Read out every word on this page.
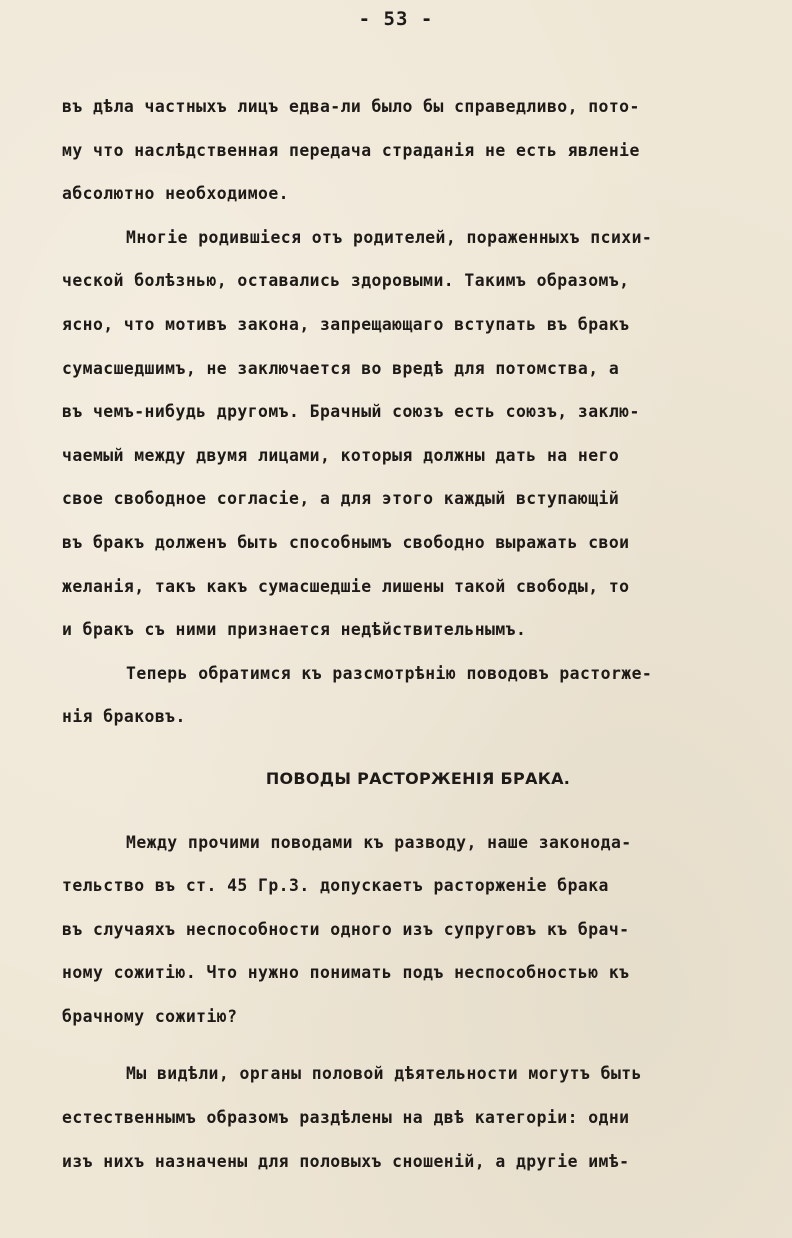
- 53 -
въ дѣла частныхъ лицъ едва-ли было бы справедливо, пото-
му что наслѣдственная передача страданія не есть явленіе
абсолютно необходимое.
Многіе родившіеся отъ родителей, пораженныхъ психи-
ческой болѣзнью, оставались здоровыми. Такимъ образомъ,
ясно, что мотивъ закона, запрещающаго вступать въ бракъ
сумасшедшимъ, не заключается во вредѣ для потомства, а
въ чемъ-нибудь другомъ. Брачный союзъ есть союзъ, заклю-
чаемый между двумя лицами, которыя должны дать на него
свое свободное согласіе, а для этого каждый вступающій
въ бракъ долженъ быть способнымъ свободно выражать свои
желанія, такъ какъ сумасшедшіе лишены такой свободы, то
и бракъ съ ними признается недѣйствительнымъ.
Теперь обратимся къ разсмотрѣнію поводовъ растorже-
нія браковъ.
ПОВОДЫ РАСТОРЖЕНІЯ БРАКА.
Между прочими поводами къ разводу, наше законода-
тельство въ ст. 45 Гр.З. допускаетъ расторженіе брака
въ случаяхъ неспособности одного изъ супруговъ къ брач-
ному сожитію. Что нужно понимать подъ неспособностью къ
брачному сожитію?
Мы видѣли, органы половой дѣятельности могутъ быть
естественнымъ образомъ раздѣлены на двѣ категоріи: одни
изъ нихъ назначены для половыхъ сношеній, а другіе имѣ-
